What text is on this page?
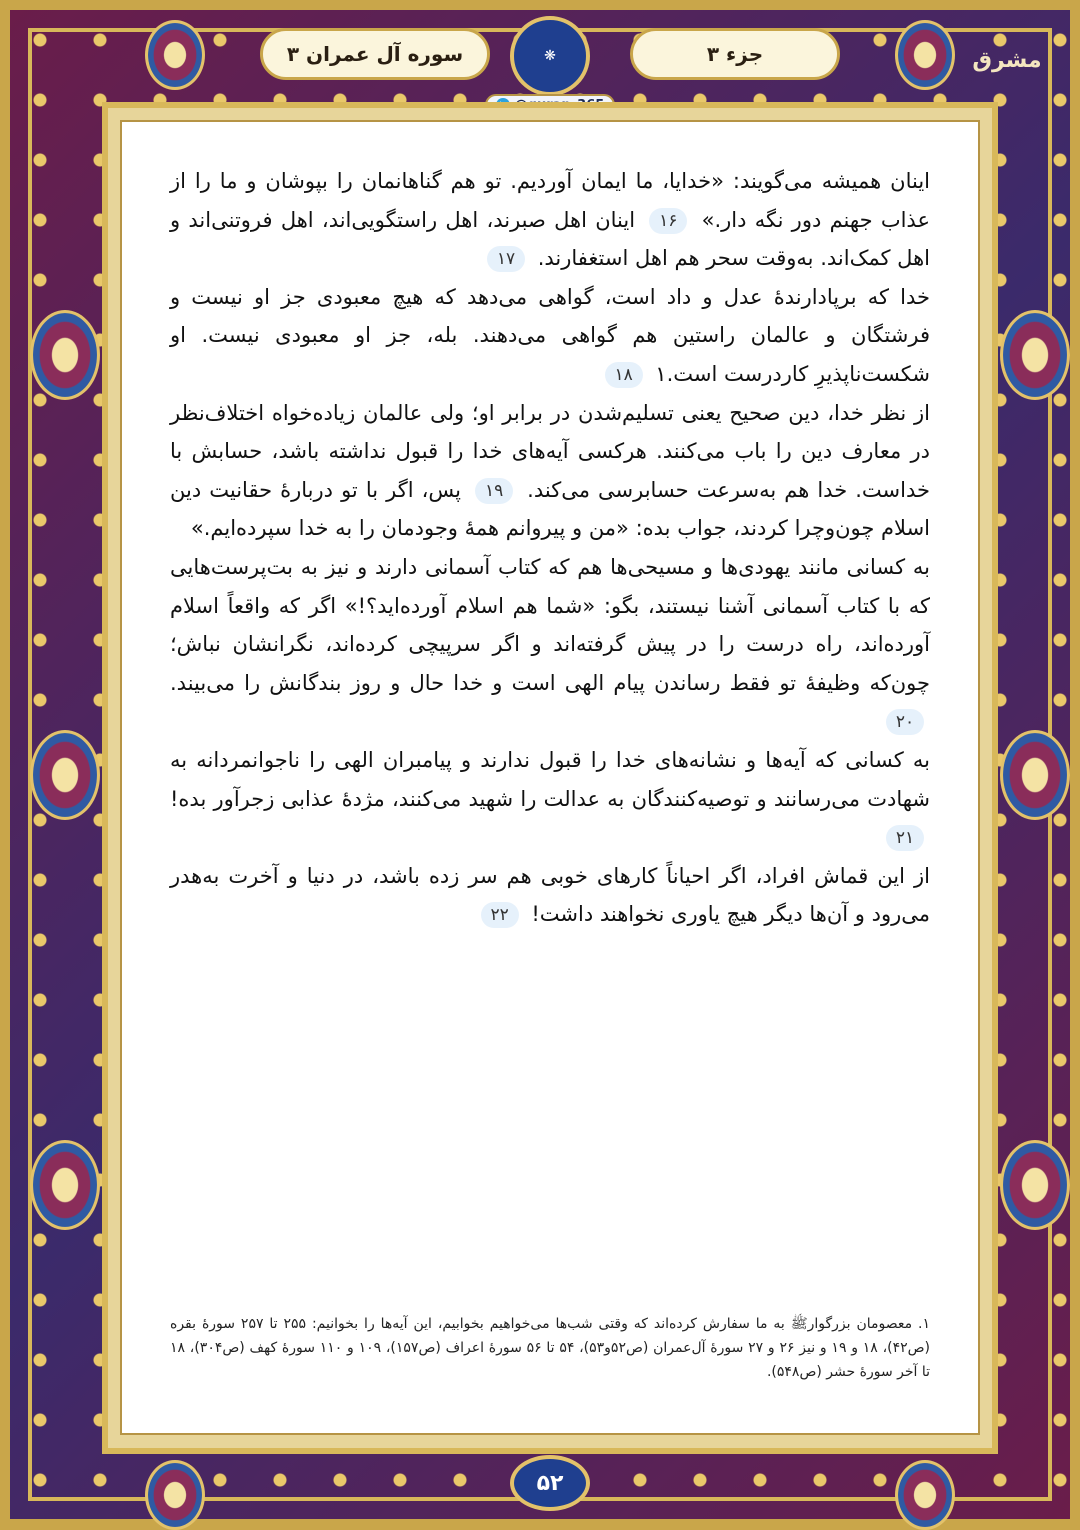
سوره آل عمران ۳	جزء ۳
❋	مشرق

اینان همیشه می‌گویند: «خدایا، ما ایمان آوردیم. تو هم گناهانمان را بپوشان و ما را از عذاب جهنم دور نگه دار.» ۱۶ اینان اهل صبرند، اهل راستگویی‌اند، اهل فروتنی‌اند و اهل کمک‌اند. به‌وقت سحر هم اهل استغفارند. ۱۷

خدا که برپادارندهٔ عدل و داد است، گواهی می‌دهد که هیچ معبودی جز او نیست و فرشتگان و عالمان راستین هم گواهی می‌دهند. بله، جز او معبودی نیست. او شکست‌ناپذیرِ کاردرست است.۱ ۱۸

از نظر خدا، دین صحیح یعنی تسلیم‌شدن در برابر او؛ ولی عالمان زیاده‌خواه اختلاف‌نظر در معارف دین را باب می‌کنند. هرکسی آیه‌های خدا را قبول نداشته باشد، حسابش با خداست. خدا هم به‌سرعت حسابرسی می‌کند. ۱۹ پس، اگر با تو دربارهٔ حقانیت دین اسلام چون‌وچرا کردند، جواب بده: «من و پیروانم همهٔ وجودمان را به خدا سپرده‌ایم.»

به کسانی مانند یهودی‌ها و مسیحی‌ها هم که کتاب آسمانی دارند و نیز به بت‌پرست‌هایی که با کتاب آسمانی آشنا نیستند، بگو: «شما هم اسلام آورده‌اید؟!» اگر که واقعاً اسلام آورده‌اند، راه درست را در پیش گرفته‌اند و اگر سرپیچی کرده‌اند، نگرانشان نباش؛ چون‌که وظیفهٔ تو فقط رساندن پیام الهی است و خدا حال و روز بندگانش را می‌بیند. ۲۰

به کسانی که آیه‌ها و نشانه‌های خدا را قبول ندارند و پیامبران الهی را ناجوانمردانه به شهادت می‌رسانند و توصیه‌کنندگان به عدالت را شهید می‌کنند، مژدهٔ عذابی زجرآور بده! ۲۱

از این قماش افراد، اگر احیاناً کارهای خوبی هم سر زده باشد، در دنیا و آخرت به‌هدر می‌رود و آن‌ها دیگر هیچ یاوری نخواهند داشت! ۲۲

۱. معصومان بزرگوارﷺ به ما سفارش کرده‌اند که وقتی شب‌ها می‌خواهیم بخوابیم، این آیه‌ها را بخوانیم: ۲۵۵ تا ۲۵۷ سورهٔ بقره (ص۴۲)، ۱۸ و ۱۹ و نیز ۲۶ و ۲۷ سورهٔ آل‌عمران (ص۵۲و۵۳)، ۵۴ تا ۵۶ سورهٔ اعراف (ص۱۵۷)، ۱۰۹ و ۱۱۰ سورهٔ کهف (ص۳۰۴)، ۱۸ تا آخر سورهٔ حشر (ص۵۴۸).
۵۲
